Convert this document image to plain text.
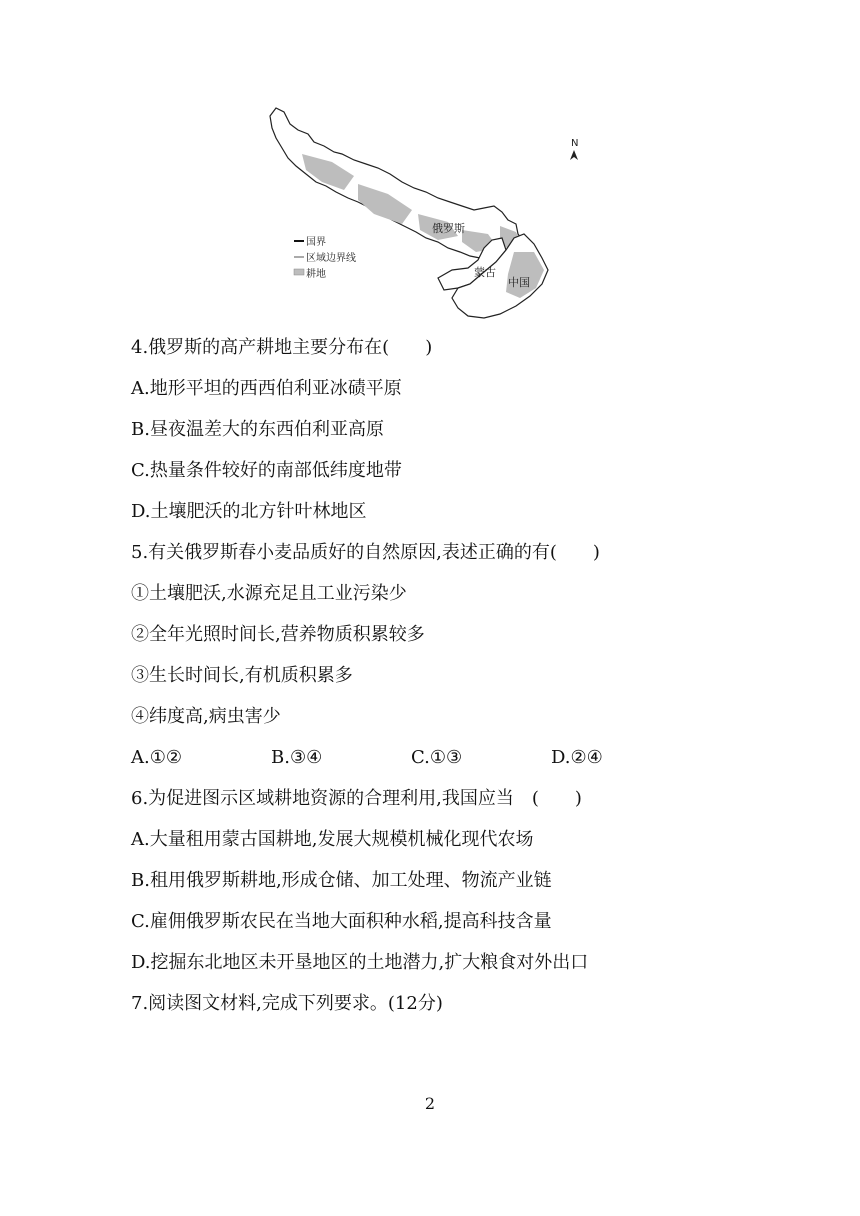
N
俄罗斯
蒙古
中国
国界
区域边界线
耕地
4.俄罗斯的高产耕地主要分布在(　　)
A.地形平坦的西西伯利亚冰碛平原
B.昼夜温差大的东西伯利亚高原
C.热量条件较好的南部低纬度地带
D.土壤肥沃的北方针叶林地区
5.有关俄罗斯春小麦品质好的自然原因,表述正确的有(　　)
①土壤肥沃,水源充足且工业污染少
②全年光照时间长,营养物质积累较多
③生长时间长,有机质积累多
④纬度高,病虫害少
A.①②	B.③④	C.①③	D.②④
6.为促进图示区域耕地资源的合理利用,我国应当　(　　)
A.大量租用蒙古国耕地,发展大规模机械化现代农场
B.租用俄罗斯耕地,形成仓储、加工处理、物流产业链
C.雇佣俄罗斯农民在当地大面积种水稻,提高科技含量
D.挖掘东北地区未开垦地区的土地潜力,扩大粮食对外出口
7.阅读图文材料,完成下列要求。(12分)
2
